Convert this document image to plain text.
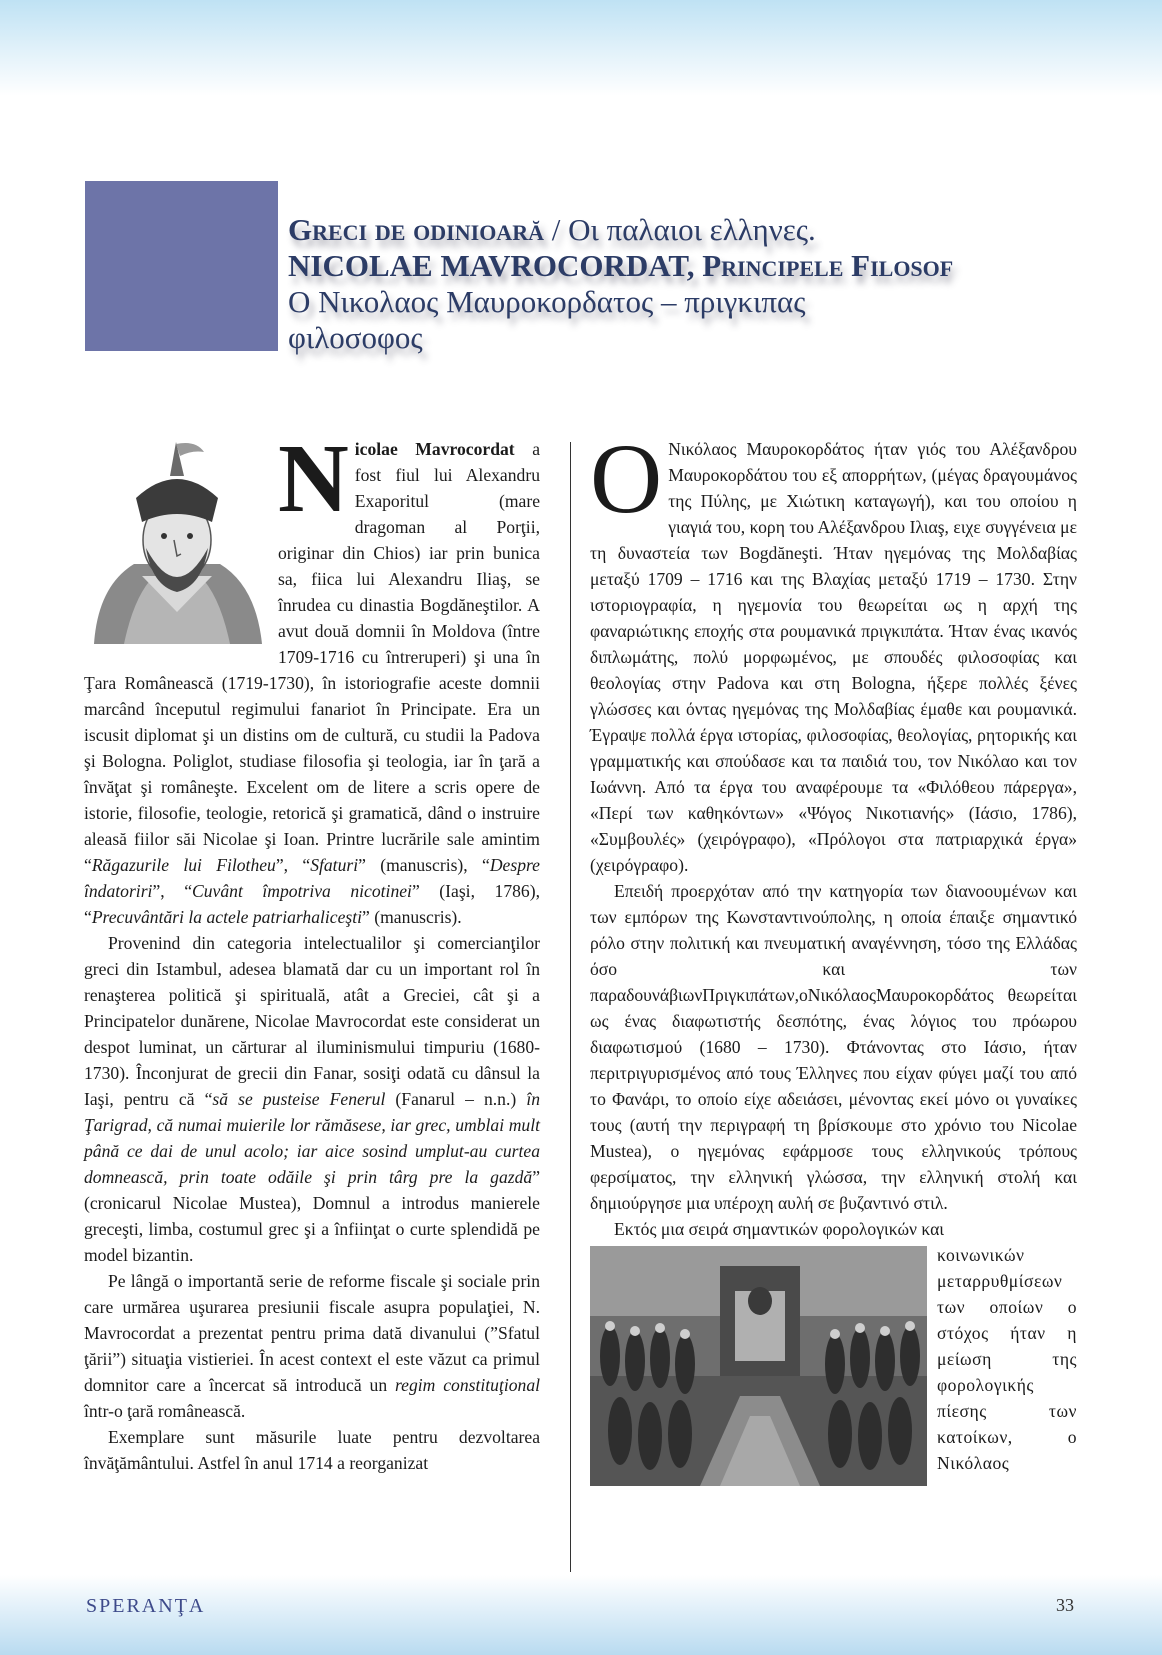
Greci de odinioară / Οι παλαιοι ελληνες.
NICOLAE MAVROCORDAT, Principele Filosof
Ο Νικολαος Μαυροκορδατος – πριγκιπας
φιλοσοφος

Nicolae Mavrocordat a fost fiul lui Alexandru Exaporitul (mare dragoman al Porţii, originar din Chios) iar prin bunica sa, fiica lui Alexandru Iliaş, se înrudea cu dinastia Bogdăneştilor. A avut două domnii în Moldova (între 1709-1716 cu întreruperi) şi una în Ţara Românească (1719-1730), în istoriografie aceste domnii marcând începutul regimului fanariot în Principate. Era un iscusit diplomat şi un distins om de cultură, cu studii la Padova şi Bologna. Poliglot, studiase filosofia şi teologia, iar în ţară a învăţat şi româneşte. Excelent om de litere a scris opere de istorie, filosofie, teologie, retorică şi gramatică, dând o instruire aleasă fiilor săi Nicolae şi Ioan. Printre lucrările sale amintim “Răgazurile lui Filotheu”, “Sfaturi” (manuscris), “Despre îndatoriri”, “Cuvânt împotriva nicotinei” (Iaşi, 1786), “Precuvântări la actele patriarhaliceşti” (manuscris).

Provenind din categoria intelectualilor şi comercianţilor greci din Istambul, adesea blamată dar cu un important rol în renaşterea politică şi spirituală, atât a Greciei, cât şi a Principatelor dunărene, Nicolae Mavrocordat este considerat un despot luminat, un cărturar al iluminismului timpuriu (1680-1730). Înconjurat de grecii din Fanar, sosiţi odată cu dânsul la Iaşi, pentru că “să se pusteise Fenerul (Fanarul – n.n.) în Ţarigrad, că numai muierile lor rămăsese, iar grec, umblai mult până ce dai de unul acolo; iar aice sosind umplut-au curtea domnească, prin toate odăile şi prin târg pre la gazdă” (cronicarul Nicolae Mustea), Domnul a introdus manierele greceşti, limba, costumul grec şi a înfiinţat o curte splendidă pe model bizantin.

Pe lângă o importantă serie de reforme fiscale şi sociale prin care urmărea uşurarea presiunii fiscale asupra populaţiei, N. Mavrocordat a prezentat pentru prima dată divanului (”Sfatul ţării”) situaţia vistieriei. În acest context el este văzut ca primul domnitor care a încercat să introducă un regim constituţional într-o ţară românească.

Exemplare sunt măsurile luate pentru dezvoltarea învăţământului. Astfel în anul 1714 a reorganizat

Ο Νικόλαος Μαυροκορδάτος ήταν γιός του Αλέξανδρου Μαυροκορδάτου του εξ απορρήτων, (μέγας δραγουμάνος της Πύλης, με Χιώτικη καταγωγή), και του οποίου η γιαγιά του, κορη του Αλέξανδρου Ιλιαş, ειχε συγγένεια με τη δυναστεία των Bogdăneşti. Ήταν ηγεμόνας της Μολδαβίας μεταξύ 1709 – 1716 και της Βλαχίας μεταξύ 1719 – 1730. Στην ιστοριογραφία, η ηγεμονία του θεωρείται ως η αρχή της φαναριώτικης εποχής στα ρουμανικά πριγκιπάτα. Ήταν ένας ικανός διπλωμάτης, πολύ μορφωμένος, με σπουδές φιλοσοφίας και θεολογίας στην Padova και στη Bologna, ήξερε πολλές ξένες γλώσσες και όντας ηγεμόνας της Μολδαβίας έμαθε και ρουμανικά. Έγραψε πολλά έργα ιστορίας, φιλοσοφίας, θεολογίας, ρητορικής και γραμματικής και σπούδασε και τα παιδιά του, τον Νικόλαο και τον Ιωάννη. Από τα έργα του αναφέρουμε τα «Φιλόθεου πάρεργα», «Περί των καθηκόντων» «Ψόγος Νικοτιανής» (Ιάσιο, 1786), «Συμβουλές» (χειρόγραφο), «Πρόλογοι στα πατριαρχικά έργα» (χειρόγραφο).

Επειδή προερχόταν από την κατηγορία των διανοουμένων και των εμπόρων της Κωνσταντινούπολης, η οποία έπαιξε σημαντικό ρόλο στην πολιτική και πνευματική αναγέννηση, τόσο της Ελλάδας όσο και των παραδουνάβιωνΠριγκιπάτων,οΝικόλαοςΜαυροκορδάτος θεωρείται ως ένας διαφωτιστής δεσπότης, ένας λόγιος του πρόωρου διαφωτισμού (1680 – 1730). Φτάνοντας στο Ιάσιο, ήταν περιτριγυρισμένος από τους Έλληνες που είχαν φύγει μαζί του από το Φανάρι, το οποίο είχε αδειάσει, μένοντας εκεί μόνο οι γυναίκες τους (αυτή την περιγραφή τη βρίσκουμε στο χρόνιο του Nicolae Mustea), ο ηγεμόνας εφάρμοσε τους ελληνικούς τρόπους φερσίματος, την ελληνική γλώσσα, την ελληνική στολή και δημιούργησε μια υπέροχη αυλή σε βυζαντινό στιλ.

Εκτός μια σειρά σημαντικών φορολογικών και

κοινωνικών μεταρρυθμίσεων των οποίων ο στόχος ήταν η μείωση της φορολογικής πίεσης των κατοίκων, ο Νικόλαος

SPERANŢA	33
